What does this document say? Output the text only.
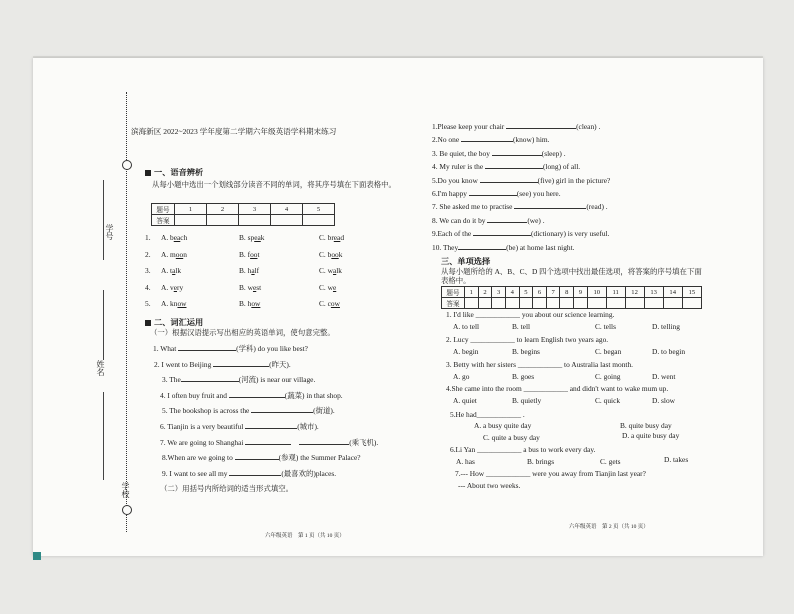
学号
姓名
学校
滨海新区 2022~2023 学年度第二学期六年级英语学科期末练习
一、语音辨析
从每小题中选出一个划线部分读音不同的单词，将其序号填在下面表格中。
题号	1	2	3	4	5
答案					
1. A. beach	B. speak	C. bread
2. A. moon	B. foot	C. book
3. A. talk	B. half	C. walk
4. A. very	B. west	C. we
5. A. know	B. how	C. cow
二、词汇运用
（一）根据汉语提示写出相应的英语单词，使句意完整。
1. What	(学科) do you like best?
2. I went to Beijing	(昨天).
3. The	(河流) is near our village.
4. I often buy fruit and	(蔬菜) in that shop.
5. The bookshop is across the	(街道).
6. Tianjin is a very beautiful	(城市).
7. We are going to Shanghai	(乘飞机).
8.When are we going to	(参观) the Summer Palace?
9. I want to see all my	(最喜欢的)places.
（二）用括号内所给词的适当形式填空。
六年级英语　第 1 页（共 10 页）
1.Please keep your chair	(clean) .
2.No one	(know) him.
3. Be quiet, the boy	(sleep) .
4. My ruler is the	(long) of all.
5.Do you know	(five) girl in the picture?
6.I'm happy	(see) you here.
7. She asked me to practise	(read) .
8. We can do it by	(we) .
9.Each of the	(dictionary) is very useful.
10. They	(be) at home last night.
三、单项选择
从每小题所给的 A、B、C、D 四个选项中找出最佳选项，将答案的序号填在下面表格中。
题号	1	2	3	4	5	6	7	8	9	10	11	12	13	14	15
答案															
1. I'd like ____________ you about our science learning.
A. to tell	B. tell	C. tells	D. telling
2. Lucy ____________ to learn English two years ago.
A. begin	B. begins	C. began	D. to begin
3. Betty with her sisters ____________ to Australia last month.
A. go	B. goes	C. going	D. went
4.She came into the room ____________ and didn't want to wake mum up.
A. quiet	B. quietly	C. quick	D. slow
5.He had____________ .
A. a busy quite day	B. quite busy day
C. quite a busy day	D. a quite busy day
6.Li Yan ____________ a bus to work every day.
A. has	B. brings	C. gets	D. takes
7.--- How ____________ were you away from Tianjin last year?
--- About two weeks.
六年级英语　第 2 页（共 10 页）
